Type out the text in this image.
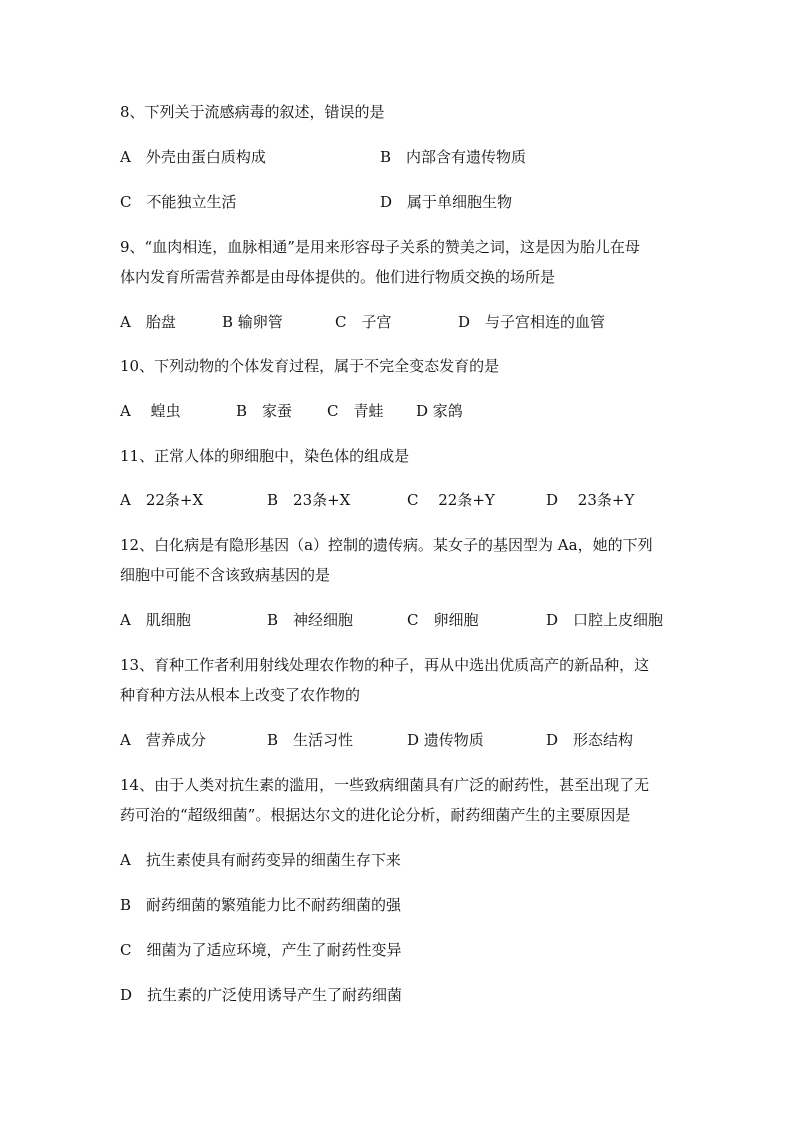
8、下列关于流感病毒的叙述，错误的是
A　外壳由蛋白质构成	B　内部含有遗传物质
C　不能独立生活	D　属于单细胞生物
9、“血肉相连，血脉相通”是用来形容母子关系的赞美之词，这是因为胎儿在母
体内发育所需营养都是由母体提供的。他们进行物质交换的场所是
A　胎盘	B 输卵管	C　子宫	D　与子宫相连的血管
10、下列动物的个体发育过程，属于不完全变态发育的是
A　 蝗虫	B　家蚕 C　青蛙 D 家鸽
11、正常人体的卵细胞中，染色体的组成是
A　22条+X	B　23条+X	C　 22条+Y	D　 23条+Y
12、白化病是有隐形基因（a）控制的遗传病。某女子的基因型为 Aa，她的下列
细胞中可能不含该致病基因的是
A　肌细胞	B　神经细胞	C　卵细胞	D　口腔上皮细胞
13、育种工作者利用射线处理农作物的种子，再从中选出优质高产的新品种，这
种育种方法从根本上改变了农作物的
A　营养成分	B　生活习性	D 遗传物质	D　形态结构
14、由于人类对抗生素的滥用，一些致病细菌具有广泛的耐药性，甚至出现了无
药可治的“超级细菌”。根据达尔文的进化论分析，耐药细菌产生的主要原因是
A　抗生素使具有耐药变异的细菌生存下来
B　耐药细菌的繁殖能力比不耐药细菌的强
C　细菌为了适应环境，产生了耐药性变异
D　抗生素的广泛使用诱导产生了耐药细菌
